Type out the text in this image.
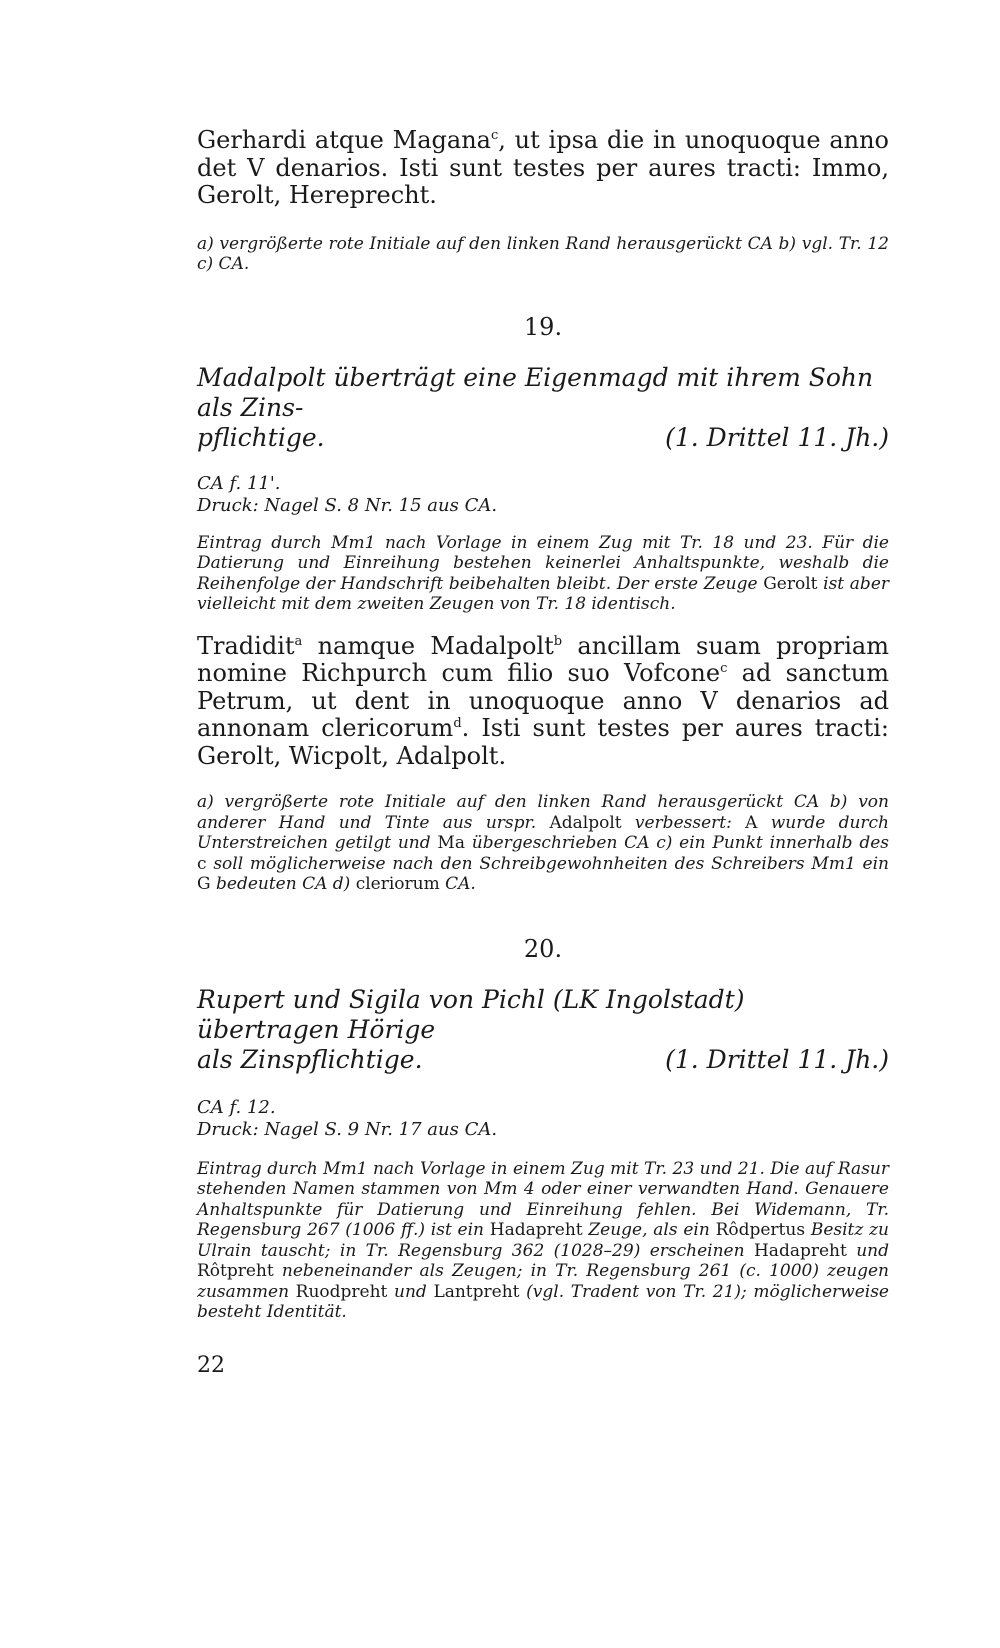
Gerhardi atque Magana$^c$, ut ipsa die in unoquoque anno det V denarios. Isti sunt testes per aures tracti: Immo, Gerolt, Hereprecht.

a) vergrößerte rote Initiale auf den linken Rand herausgerückt CA b) vgl. Tr. 12 c) CA.

19.

Madalpolt überträgt eine Eigenmagd mit ihrem Sohn als Zins-
pflichtige.	(1. Drittel 11. Jh.)

CA f. 11'.

Druck: Nagel S. 8 Nr. 15 aus CA.

Eintrag durch Mm1 nach Vorlage in einem Zug mit Tr. 18 und 23. Für die Datierung und Einreihung bestehen keinerlei Anhaltspunkte, weshalb die Reihenfolge der Handschrift beibehalten bleibt. Der erste Zeuge Gerolt ist aber vielleicht mit dem zweiten Zeugen von Tr. 18 identisch.

Tradidit$^a$ namque Madalpolt$^b$ ancillam suam propriam nomine Richpurch cum filio suo Vofcone$^c$ ad sanctum Petrum, ut dent in unoquoque anno V denarios ad annonam clericorum$^d$. Isti sunt testes per aures tracti: Gerolt, Wicpolt, Adalpolt.

a) vergrößerte rote Initiale auf den linken Rand herausgerückt CA b) von anderer Hand und Tinte aus urspr. Adalpolt verbessert: A wurde durch Unterstreichen getilgt und Ma übergeschrieben CA c) ein Punkt innerhalb des c soll möglicherweise nach den Schreibgewohnheiten des Schreibers Mm1 ein G bedeuten CA d) cleriorum CA.

20.

Rupert und Sigila von Pichl (LK Ingolstadt) übertragen Hörige
als Zinspflichtige.	(1. Drittel 11. Jh.)

CA f. 12.

Druck: Nagel S. 9 Nr. 17 aus CA.

Eintrag durch Mm1 nach Vorlage in einem Zug mit Tr. 23 und 21. Die auf Rasur stehenden Namen stammen von Mm 4 oder einer verwandten Hand. Genauere Anhaltspunkte für Datierung und Einreihung fehlen. Bei Widemann, Tr. Regensburg 267 (1006 ff.) ist ein Hadapreht Zeuge, als ein Rôdpertus Besitz zu Ulrain tauscht; in Tr. Regensburg 362 (1028–29) erscheinen Hadapreht und Rôtpreht nebeneinander als Zeugen; in Tr. Regensburg 261 (c. 1000) zeugen zusammen Ruodpreht und Lantpreht (vgl. Tradent von Tr. 21); möglicherweise besteht Identität.

22
